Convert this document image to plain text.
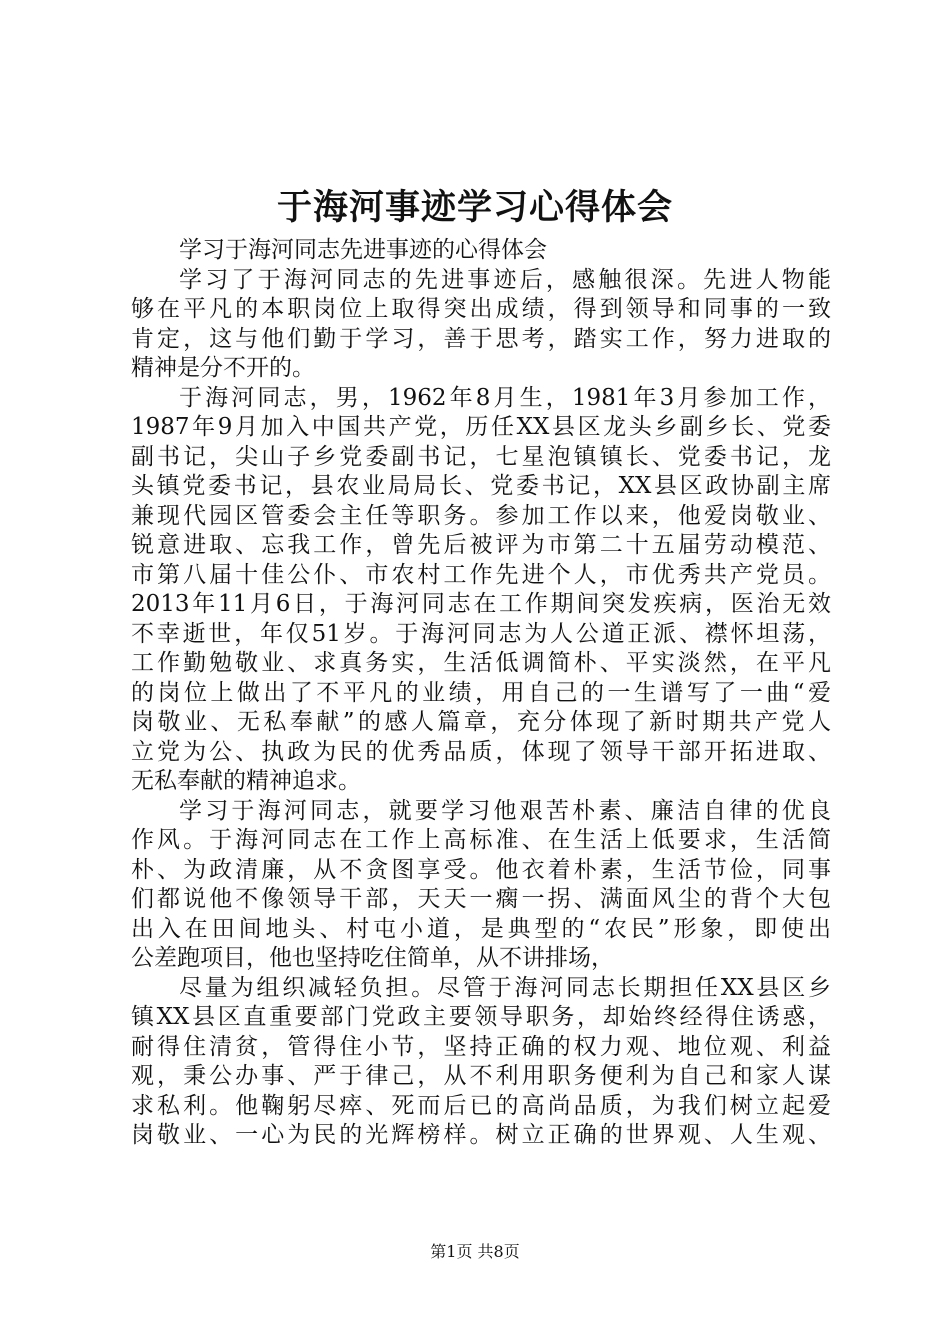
于海河事迹学习心得体会
学习于海河同志先进事迹的心得体会
学习了于海河同志的先进事迹后，感触很深。先进人物能
够在平凡的本职岗位上取得突出成绩，得到领导和同事的一致
肯定，这与他们勤于学习，善于思考，踏实工作，努力进取的
精神是分不开的。
于海河同志，男，1962年8月生，1981年3月参加工作，
1987年9月加入中国共产党，历任XX县区龙头乡副乡长、党委
副书记，尖山子乡党委副书记，七星泡镇镇长、党委书记，龙
头镇党委书记，县农业局局长、党委书记，XX县区政协副主席
兼现代园区管委会主任等职务。参加工作以来，他爱岗敬业、
锐意进取、忘我工作，曾先后被评为市第二十五届劳动模范、
市第八届十佳公仆、市农村工作先进个人，市优秀共产党员。
2013年11月6日，于海河同志在工作期间突发疾病，医治无效
不幸逝世，年仅51岁。于海河同志为人公道正派、襟怀坦荡，
工作勤勉敬业、求真务实，生活低调简朴、平实淡然，在平凡
的岗位上做出了不平凡的业绩，用自己的一生谱写了一曲“爱
岗敬业、无私奉献”的感人篇章，充分体现了新时期共产党人
立党为公、执政为民的优秀品质，体现了领导干部开拓进取、
无私奉献的精神追求。
学习于海河同志，就要学习他艰苦朴素、廉洁自律的优良
作风。于海河同志在工作上高标准、在生活上低要求，生活简
朴、为政清廉，从不贪图享受。他衣着朴素，生活节俭，同事
们都说他不像领导干部，天天一瘸一拐、满面风尘的背个大包
出入在田间地头、村屯小道，是典型的“农民”形象，即使出
公差跑项目，他也坚持吃住简单，从不讲排场，
尽量为组织减轻负担。尽管于海河同志长期担任XX县区乡
镇XX县区直重要部门党政主要领导职务，却始终经得住诱惑，
耐得住清贫，管得住小节，坚持正确的权力观、地位观、利益
观，秉公办事、严于律己，从不利用职务便利为自己和家人谋
求私利。他鞠躬尽瘁、死而后已的高尚品质，为我们树立起爱
岗敬业、一心为民的光辉榜样。树立正确的世界观、人生观、
第1页 共8页
